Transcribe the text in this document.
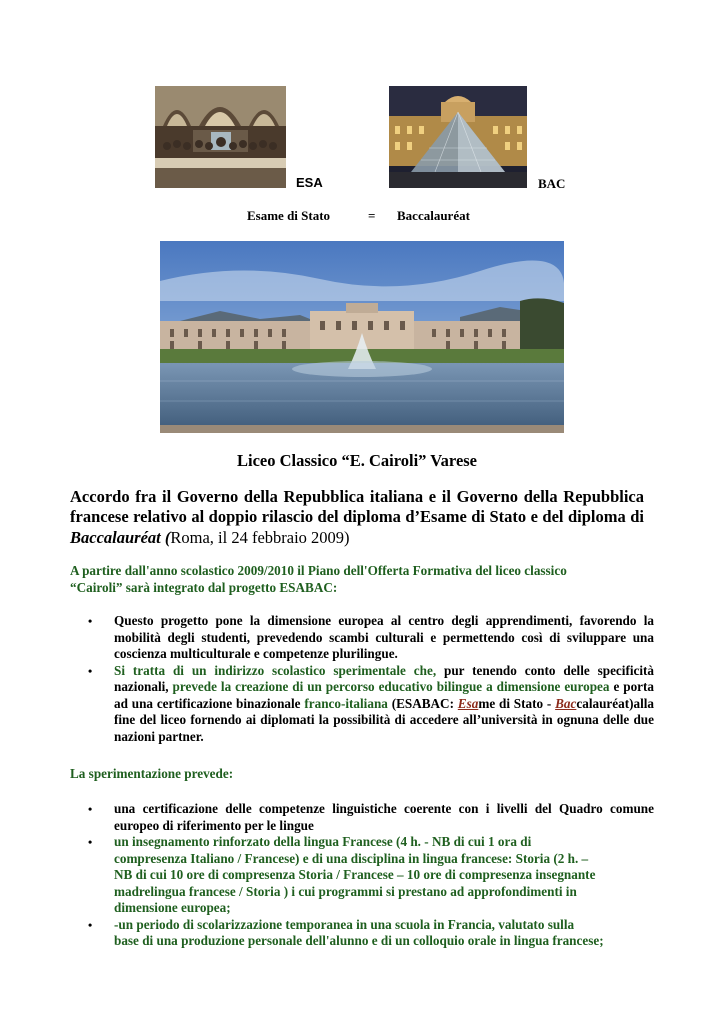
ESA	BAC
Esame di Stato	= Baccalauréat
Liceo Classico “E. Cairoli” Varese
Accordo fra il Governo della Repubblica italiana e il Governo della Repubblica francese relativo al doppio rilascio del diploma d’Esame di Stato e del diploma di Baccalauréat (Roma, il 24 febbraio 2009)
A partire dall'anno scolastico 2009/2010 il Piano dell'Offerta Formativa del liceo classico
“Cairoli” sarà integrato dal progetto ESABAC:
• Questo progetto pone la dimensione europea al centro degli apprendimenti, favorendo la mobilità degli studenti, prevedendo scambi culturali e permettendo così di sviluppare una coscienza multiculturale e competenze plurilingue.
• Si tratta di un indirizzo scolastico sperimentale che, pur tenendo conto delle specificità nazionali, prevede la creazione di un percorso educativo bilingue a dimensione europea e porta ad una certificazione binazionale franco-italiana (ESABAC: Esame di Stato - Baccalauréat)alla fine del liceo fornendo ai diplomati la possibilità di accedere all’università in ognuna delle due nazioni partner.
La sperimentazione prevede:
• una certificazione delle competenze linguistiche coerente con i livelli del Quadro comune europeo di riferimento per le lingue
• un insegnamento rinforzato della lingua Francese (4 h. - NB di cui 1 ora di
compresenza Italiano / Francese) e di una disciplina in lingua francese: Storia (2 h. –
NB di cui 10 ore di compresenza Storia / Francese – 10 ore di compresenza insegnante
madrelingua francese / Storia ) i cui programmi si prestano ad approfondimenti in
dimensione europea;
• -un periodo di scolarizzazione temporanea in una scuola in Francia, valutato sulla
base di una produzione personale dell'alunno e di un colloquio orale in lingua francese;
